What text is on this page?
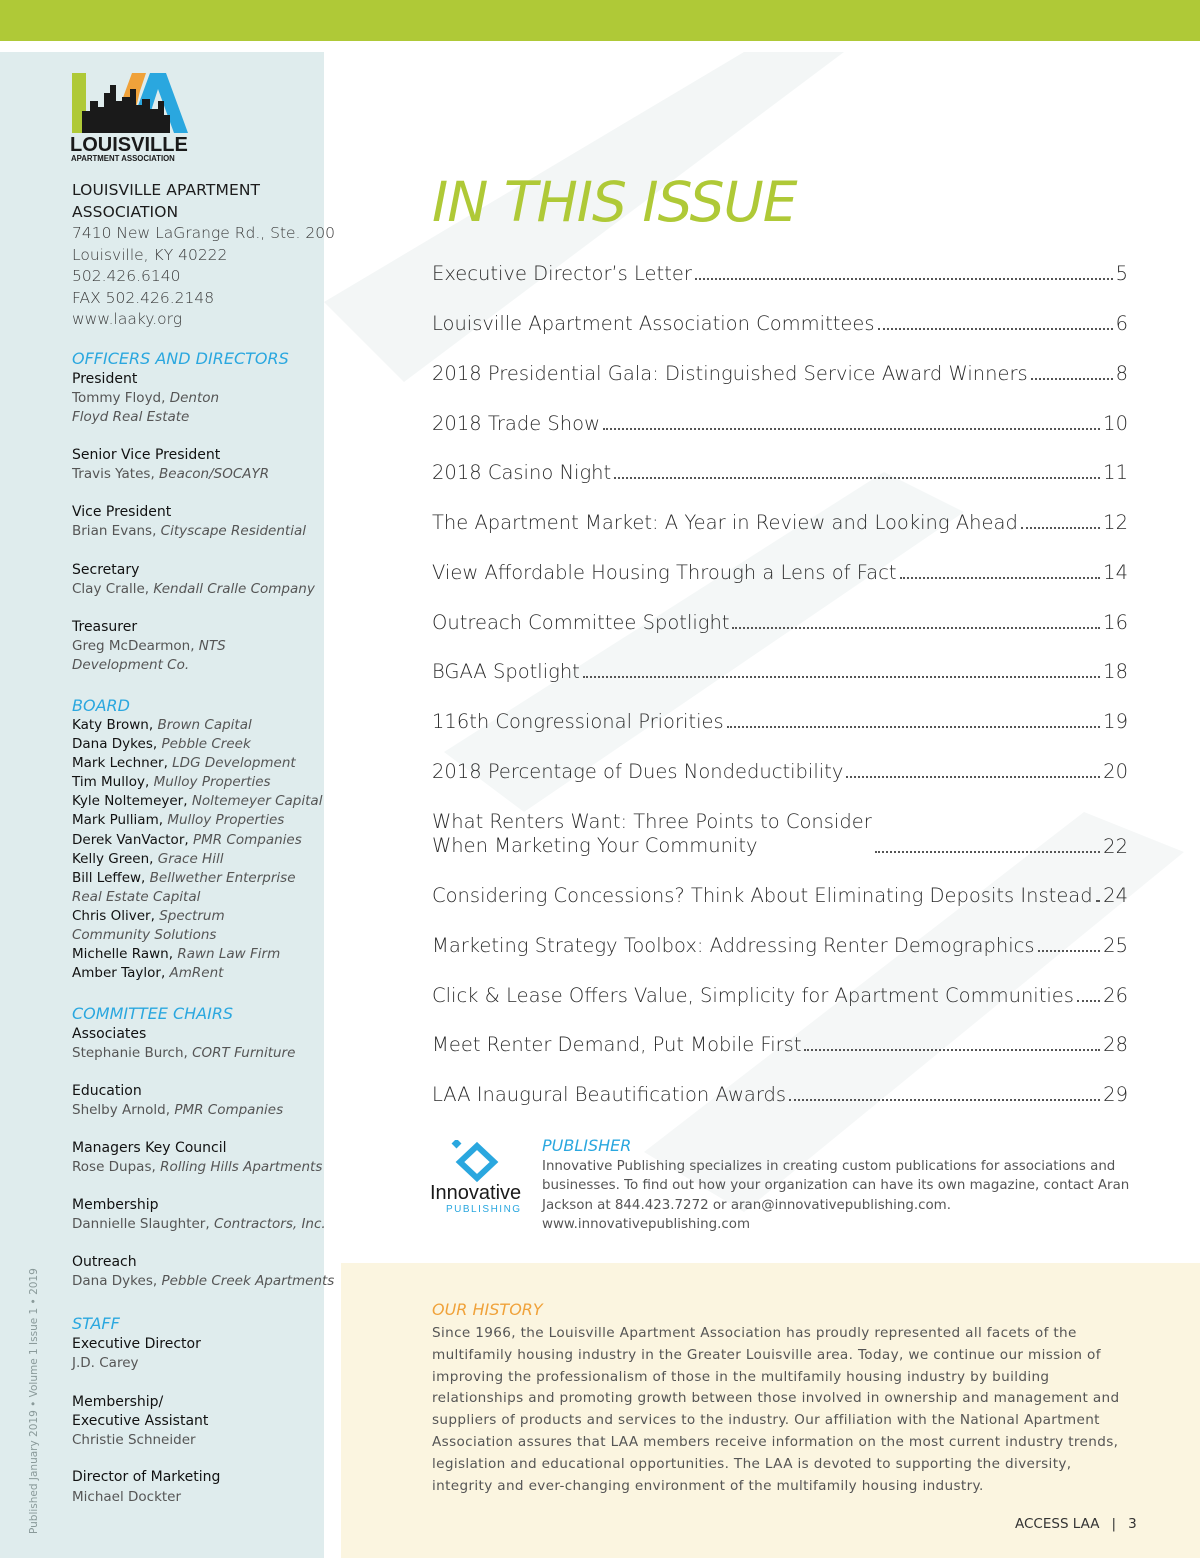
LOUISVILLE
APARTMENT ASSOCIATION
LOUISVILLE APARTMENT
ASSOCIATION
7410 New LaGrange Rd., Ste. 200
Louisville, KY 40222
502.426.6140
FAX 502.426.2148
www.laaky.org
OFFICERS AND DIRECTORS
President
Tommy Floyd, Denton
Floyd Real Estate
Senior Vice President
Travis Yates, Beacon/SOCAYR
Vice President
Brian Evans, Cityscape Residential
Secretary
Clay Cralle, Kendall Cralle Company
Treasurer
Greg McDearmon, NTS
Development Co.
BOARD
Katy Brown, Brown Capital
Dana Dykes, Pebble Creek
Mark Lechner, LDG Development
Tim Mulloy, Mulloy Properties
Kyle Noltemeyer, Noltemeyer Capital
Mark Pulliam, Mulloy Properties
Derek VanVactor, PMR Companies
Kelly Green, Grace Hill
Bill Leffew, Bellwether Enterprise
Real Estate Capital
Chris Oliver, Spectrum
Community Solutions
Michelle Rawn, Rawn Law Firm
Amber Taylor, AmRent
COMMITTEE CHAIRS
Associates
Stephanie Burch, CORT Furniture
Education
Shelby Arnold, PMR Companies
Managers Key Council
Rose Dupas, Rolling Hills Apartments
Membership
Dannielle Slaughter, Contractors, Inc.
Outreach
Dana Dykes, Pebble Creek Apartments
STAFF
Executive Director
J.D. Carey
Membership/
Executive Assistant
Christie Schneider
Director of Marketing
Michael Dockter
Published January 2019 • Volume 1 Issue 1 • 2019
IN THIS ISSUE
Executive Director’s Letter	5
Louisville Apartment Association Committees	6
2018 Presidential Gala: Distinguished Service Award Winners	8
2018 Trade Show	10
2018 Casino Night	11
The Apartment Market: A Year in Review and Looking Ahead	12
View Affordable Housing Through a Lens of Fact	14
Outreach Committee Spotlight	16
BGAA Spotlight	18
116th Congressional Priorities	19
2018 Percentage of Dues Nondeductibility	20
What Renters Want: Three Points to Consider
When Marketing Your Community	22
Considering Concessions? Think About Eliminating Deposits Instead 24
Marketing Strategy Toolbox: Addressing Renter Demographics	25
Click & Lease Offers Value, Simplicity for Apartment Communities 26
Meet Renter Demand, Put Mobile First	28
LAA Inaugural Beautification Awards	29
Innovative
PUBLISHING
PUBLISHER
Innovative Publishing specializes in creating custom publications for associations and businesses. To find out how your organization can have its own magazine, contact Aran Jackson at 844.423.7272 or aran@innovativepublishing.com. www.innovativepublishing.com
OUR HISTORY
Since 1966, the Louisville Apartment Association has proudly represented all facets of the multifamily housing industry in the Greater Louisville area. Today, we continue our mission of improving the professionalism of those in the multifamily housing industry by building relationships and promoting growth between those involved in ownership and management and suppliers of products and services to the industry. Our affiliation with the National Apartment Association assures that LAA members receive information on the most current industry trends, legislation and educational opportunities. The LAA is devoted to supporting the diversity, integrity and ever-changing environment of the multifamily housing industry.
ACCESS LAA | 3
